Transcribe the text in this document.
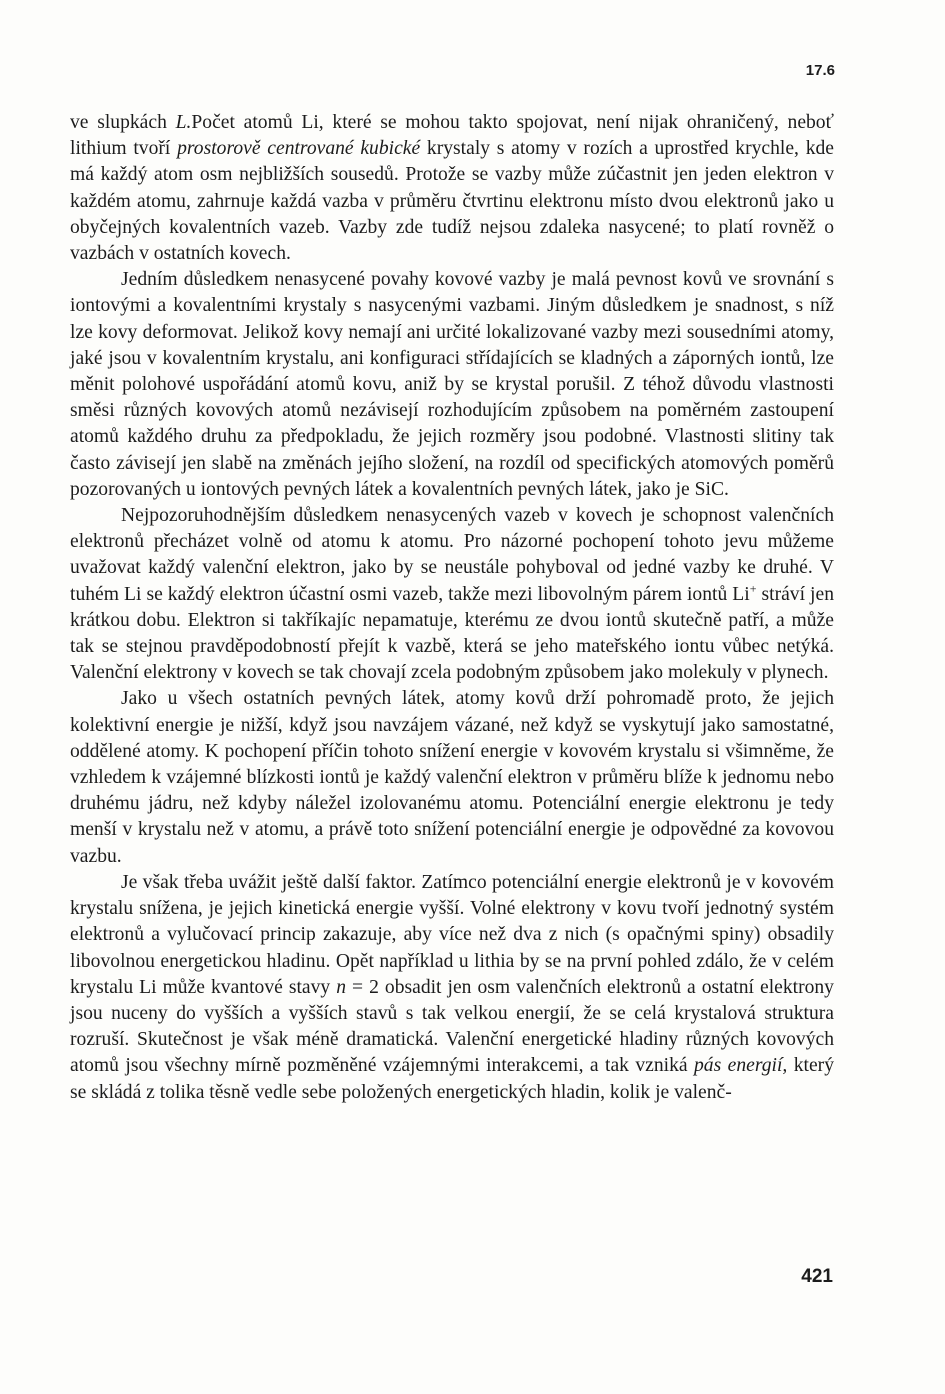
17.6

ve slupkách L.Počet atomů Li, které se mohou takto spojovat, není nijak ohraničený, neboť lithium tvoří prostorově centrované kubické krystaly s atomy v rozích a uprostřed krychle, kde má každý atom osm nejbližších sousedů. Protože se vazby může zúčastnit jen jeden elektron v každém atomu, zahrnuje každá vazba v průměru čtvrtinu elektronu místo dvou elektronů jako u obyčejných kovalentních vazeb. Vazby zde tudíž nejsou zdaleka nasycené; to platí rovněž o vazbách v ostatních kovech.

Jedním důsledkem nenasycené povahy kovové vazby je malá pevnost kovů ve srovnání s iontovými a kovalentními krystaly s nasycenými vazbami. Jiným důsledkem je snadnost, s níž lze kovy deformovat. Jelikož kovy nemají ani určité lokalizované vazby mezi sousedními atomy, jaké jsou v kovalentním krystalu, ani konfiguraci střídajících se kladných a záporných iontů, lze měnit polohové uspořádání atomů kovu, aniž by se krystal porušil. Z téhož důvodu vlastnosti směsi různých kovových atomů nezávisejí rozhodujícím způsobem na poměrném zastoupení atomů každého druhu za předpokladu, že jejich rozměry jsou podobné. Vlastnosti slitiny tak často závisejí jen slabě na změnách jejího složení, na rozdíl od specifických atomových poměrů pozorovaných u iontových pevných látek a kovalentních pevných látek, jako je SiC.

Nejpozoruhodnějším důsledkem nenasycených vazeb v kovech je schopnost valenčních elektronů přecházet volně od atomu k atomu. Pro názorné pochopení tohoto jevu můžeme uvažovat každý valenční elektron, jako by se neustále pohyboval od jedné vazby ke druhé. V tuhém Li se každý elektron účastní osmi vazeb, takže mezi libovolným párem iontů Li+ stráví jen krátkou dobu. Elektron si takříkajíc nepamatuje, kterému ze dvou iontů skutečně patří, a může tak se stejnou pravděpodobností přejít k vazbě, která se jeho mateřského iontu vůbec netýká. Valenční elektrony v kovech se tak chovají zcela podobným způsobem jako molekuly v plynech.

Jako u všech ostatních pevných látek, atomy kovů drží pohromadě proto, že jejich kolektivní energie je nižší, když jsou navzájem vázané, než když se vyskytují jako samostatné, oddělené atomy. K pochopení příčin tohoto snížení energie v kovovém krystalu si všimněme, že vzhledem k vzájemné blízkosti iontů je každý valenční elektron v průměru blíže k jednomu nebo druhému jádru, než kdyby náležel izolovanému atomu. Potenciální energie elektronu je tedy menší v krystalu než v atomu, a právě toto snížení potenciální energie je odpovědné za kovovou vazbu.

Je však třeba uvážit ještě další faktor. Zatímco potenciální energie elektronů je v kovovém krystalu snížena, je jejich kinetická energie vyšší. Volné elektrony v kovu tvoří jednotný systém elektronů a vylučovací princip zakazuje, aby více než dva z nich (s opačnými spiny) obsadily libovolnou energetickou hladinu. Opět například u lithia by se na první pohled zdálo, že v celém krystalu Li může kvantové stavy n = 2 obsadit jen osm valenčních elektronů a ostatní elektrony jsou nuceny do vyšších a vyšších stavů s tak velkou energií, že se celá krystalová struktura rozruší. Skutečnost je však méně dramatická. Valenční energetické hladiny různých kovových atomů jsou všechny mírně pozměněné vzájemnými interakcemi, a tak vzniká pás energií, který se skládá z tolika těsně vedle sebe položených energetických hladin, kolik je valenč-

421
